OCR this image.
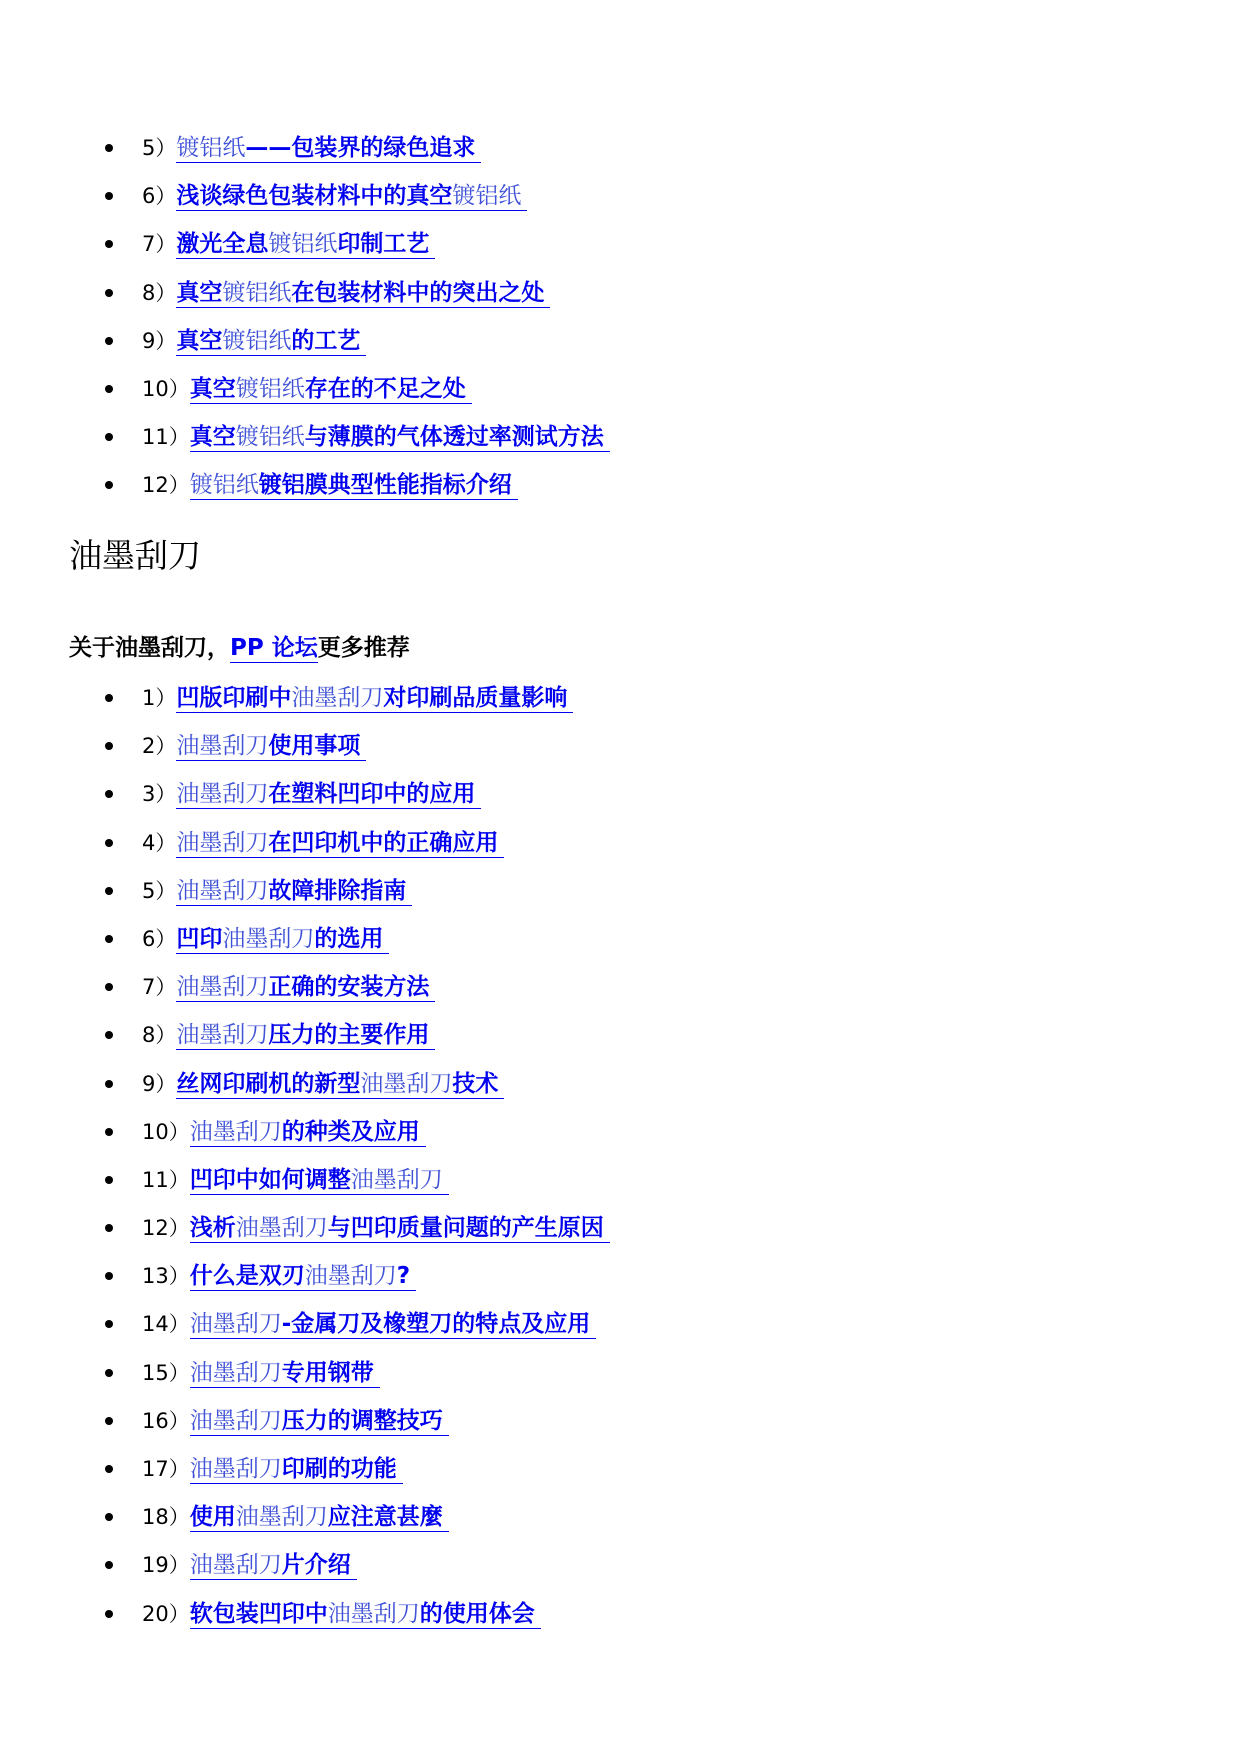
5）镀铝纸——包装界的绿色追求
6）浅谈绿色包装材料中的真空镀铝纸
7）激光全息镀铝纸印制工艺
8）真空镀铝纸在包装材料中的突出之处
9）真空镀铝纸的工艺
10）真空镀铝纸存在的不足之处
11）真空镀铝纸与薄膜的气体透过率测试方法
12）镀铝纸镀铝膜典型性能指标介绍
油墨刮刀
关于油墨刮刀，PP 论坛更多推荐
1）凹版印刷中油墨刮刀对印刷品质量影响
2）油墨刮刀使用事项
3）油墨刮刀在塑料凹印中的应用
4）油墨刮刀在凹印机中的正确应用
5）油墨刮刀故障排除指南
6）凹印油墨刮刀的选用
7）油墨刮刀正确的安装方法
8）油墨刮刀压力的主要作用
9）丝网印刷机的新型油墨刮刀技术
10）油墨刮刀的种类及应用
11）凹印中如何调整油墨刮刀
12）浅析油墨刮刀与凹印质量问题的产生原因
13）什么是双刃油墨刮刀?
14）油墨刮刀-金属刀及橡塑刀的特点及应用
15）油墨刮刀专用钢带
16）油墨刮刀压力的调整技巧
17）油墨刮刀印刷的功能
18）使用油墨刮刀应注意甚麼
19）油墨刮刀片介绍
20）软包装凹印中油墨刮刀的使用体会
